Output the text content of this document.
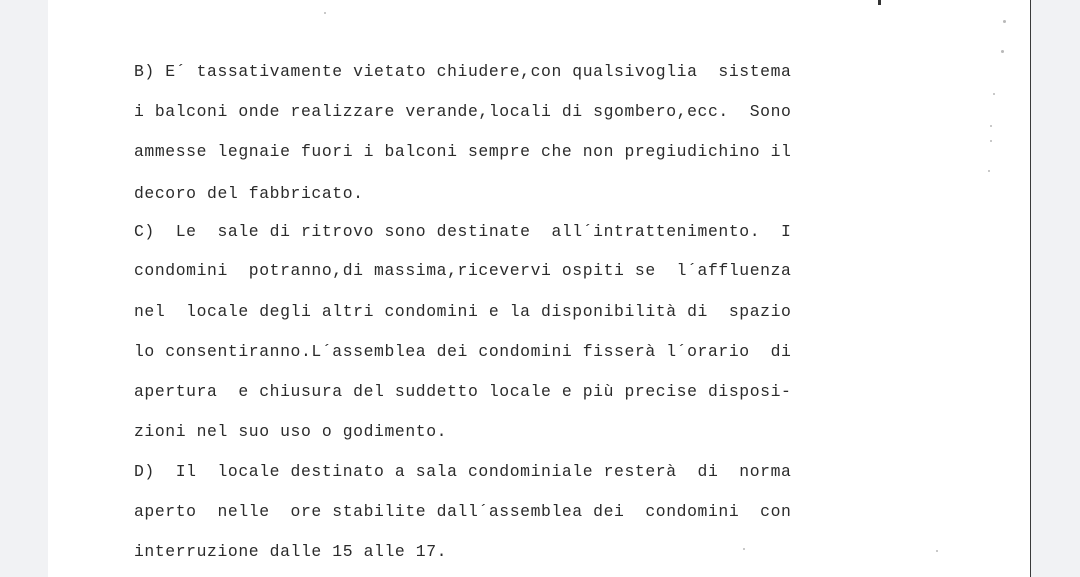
B) E´ tassativamente vietato chiudere,con qualsivoglia  sistema
i balconi onde realizzare verande,locali di sgombero,ecc.  Sono
ammesse legnaie fuori i balconi sempre che non pregiudichino il
decoro del fabbricato.
C)  Le  sale di ritrovo sono destinate  all´intrattenimento.  I
condomini  potranno,di massima,ricevervi ospiti se  l´affluenza
nel  locale degli altri condomini e la disponibilità di  spazio
lo consentiranno.L´assemblea dei condomini fisserà l´orario  di
apertura  e chiusura del suddetto locale e più precise disposi-
zioni nel suo uso o godimento.
D)  Il  locale destinato a sala condominiale resterà  di  norma
aperto  nelle  ore stabilite dall´assemblea dei  condomini  con
interruzione dalle 15 alle 17.
